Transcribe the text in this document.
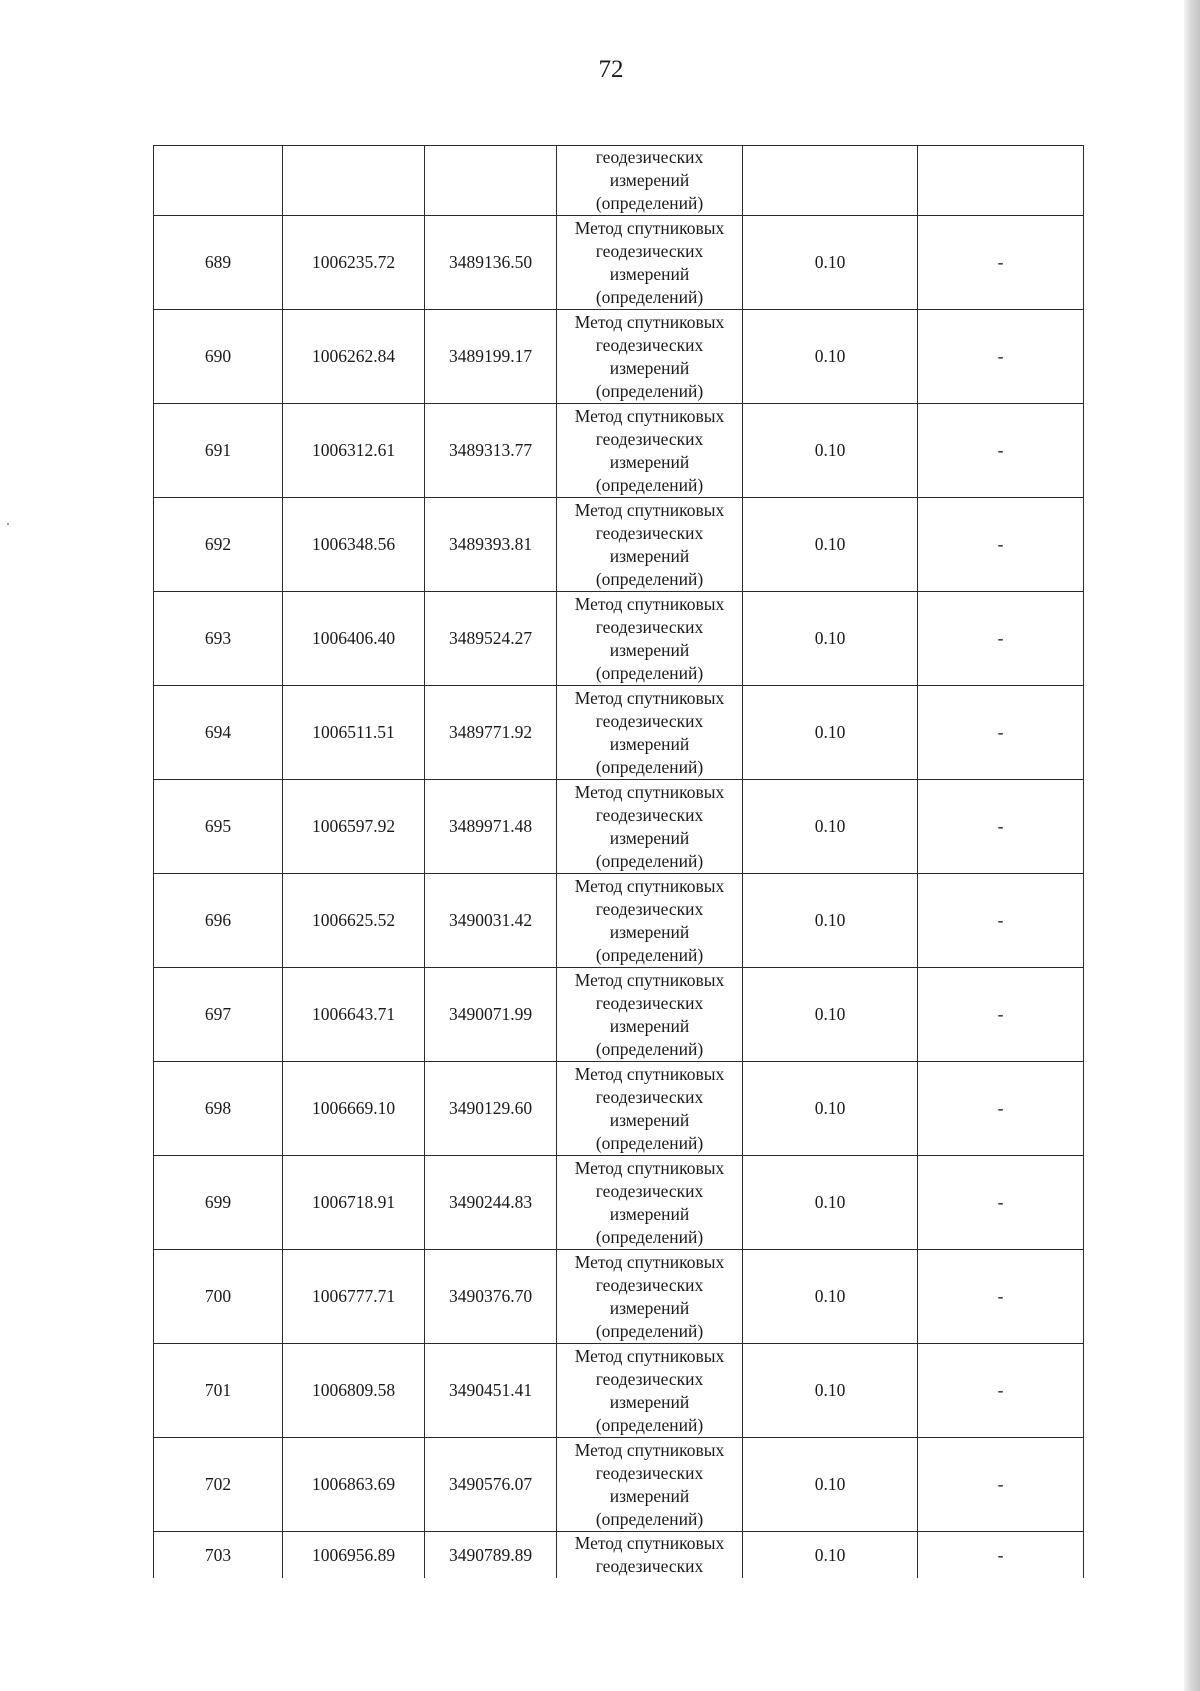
72
			геодезических
измерений
(определений)		
689	1006235.72	3489136.50	Метод спутниковых
геодезических
измерений
(определений)	0.10	-
690	1006262.84	3489199.17	Метод спутниковых
геодезических
измерений
(определений)	0.10	-
691	1006312.61	3489313.77	Метод спутниковых
геодезических
измерений
(определений)	0.10	-
692	1006348.56	3489393.81	Метод спутниковых
геодезических
измерений
(определений)	0.10	-
693	1006406.40	3489524.27	Метод спутниковых
геодезических
измерений
(определений)	0.10	-
694	1006511.51	3489771.92	Метод спутниковых
геодезических
измерений
(определений)	0.10	-
695	1006597.92	3489971.48	Метод спутниковых
геодезических
измерений
(определений)	0.10	-
696	1006625.52	3490031.42	Метод спутниковых
геодезических
измерений
(определений)	0.10	-
697	1006643.71	3490071.99	Метод спутниковых
геодезических
измерений
(определений)	0.10	-
698	1006669.10	3490129.60	Метод спутниковых
геодезических
измерений
(определений)	0.10	-
699	1006718.91	3490244.83	Метод спутниковых
геодезических
измерений
(определений)	0.10	-
700	1006777.71	3490376.70	Метод спутниковых
геодезических
измерений
(определений)	0.10	-
701	1006809.58	3490451.41	Метод спутниковых
геодезических
измерений
(определений)	0.10	-
702	1006863.69	3490576.07	Метод спутниковых
геодезических
измерений
(определений)	0.10	-
703	1006956.89	3490789.89	Метод спутниковых
геодезических	0.10	-
